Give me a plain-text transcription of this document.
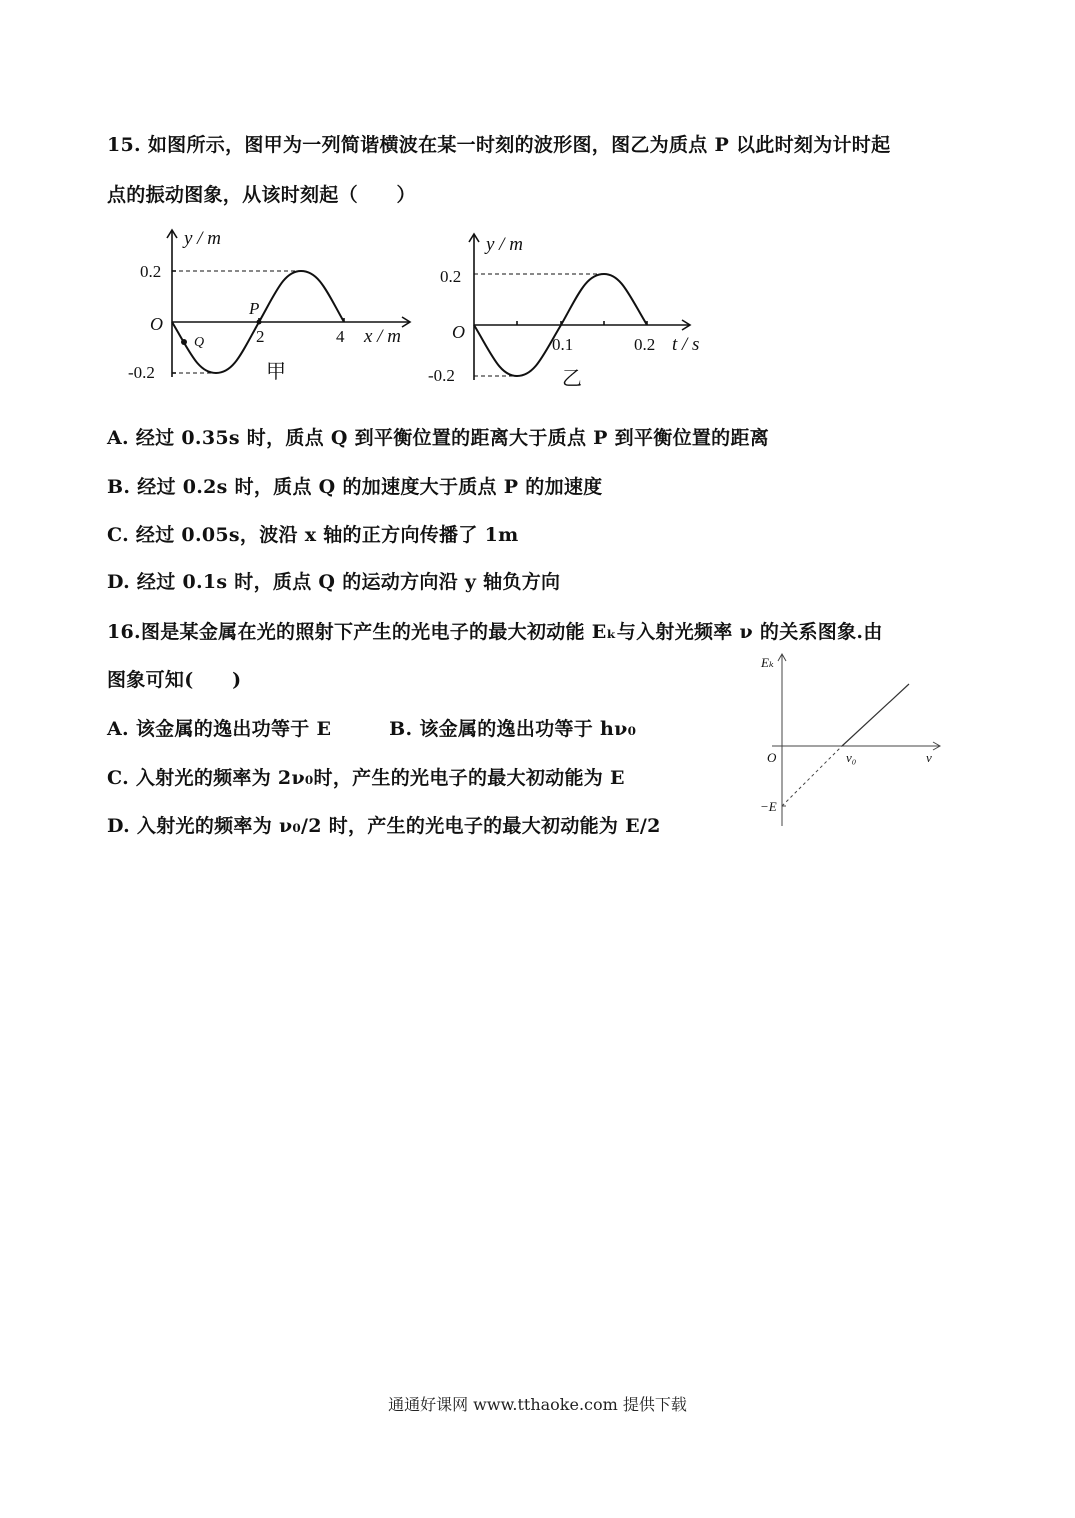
15. 如图所示，图甲为一列简谐横波在某一时刻的波形图，图乙为质点 P 以此时刻为计时起
点的振动图象，从该时刻起（　　）
y / m
O
0.2
-0.2
2	4 x / m
P
Q
甲
y / m
O
0.2
-0.2
0.1	0.2 t / s
乙
A. 经过 0.35s 时，质点 Q 到平衡位置的距离大于质点 P 到平衡位置的距离
B. 经过 0.2s 时，质点 Q 的加速度大于质点 P 的加速度
C. 经过 0.05s，波沿 x 轴的正方向传播了 1m
D. 经过 0.1s 时，质点 Q 的运动方向沿 y 轴负方向
16.图是某金属在光的照射下产生的光电子的最大初动能 Eₖ与入射光频率 ν 的关系图象.由
图象可知(　　)
A. 该金属的逸出功等于 E　　　B. 该金属的逸出功等于 hν₀
C. 入射光的频率为 2ν₀时，产生的光电子的最大初动能为 E
D. 入射光的频率为 ν₀/2 时，产生的光电子的最大初动能为 E/2
Eₖ
O	ν₀	ν
−E
通通好课网 www.tthaoke.com 提供下载
